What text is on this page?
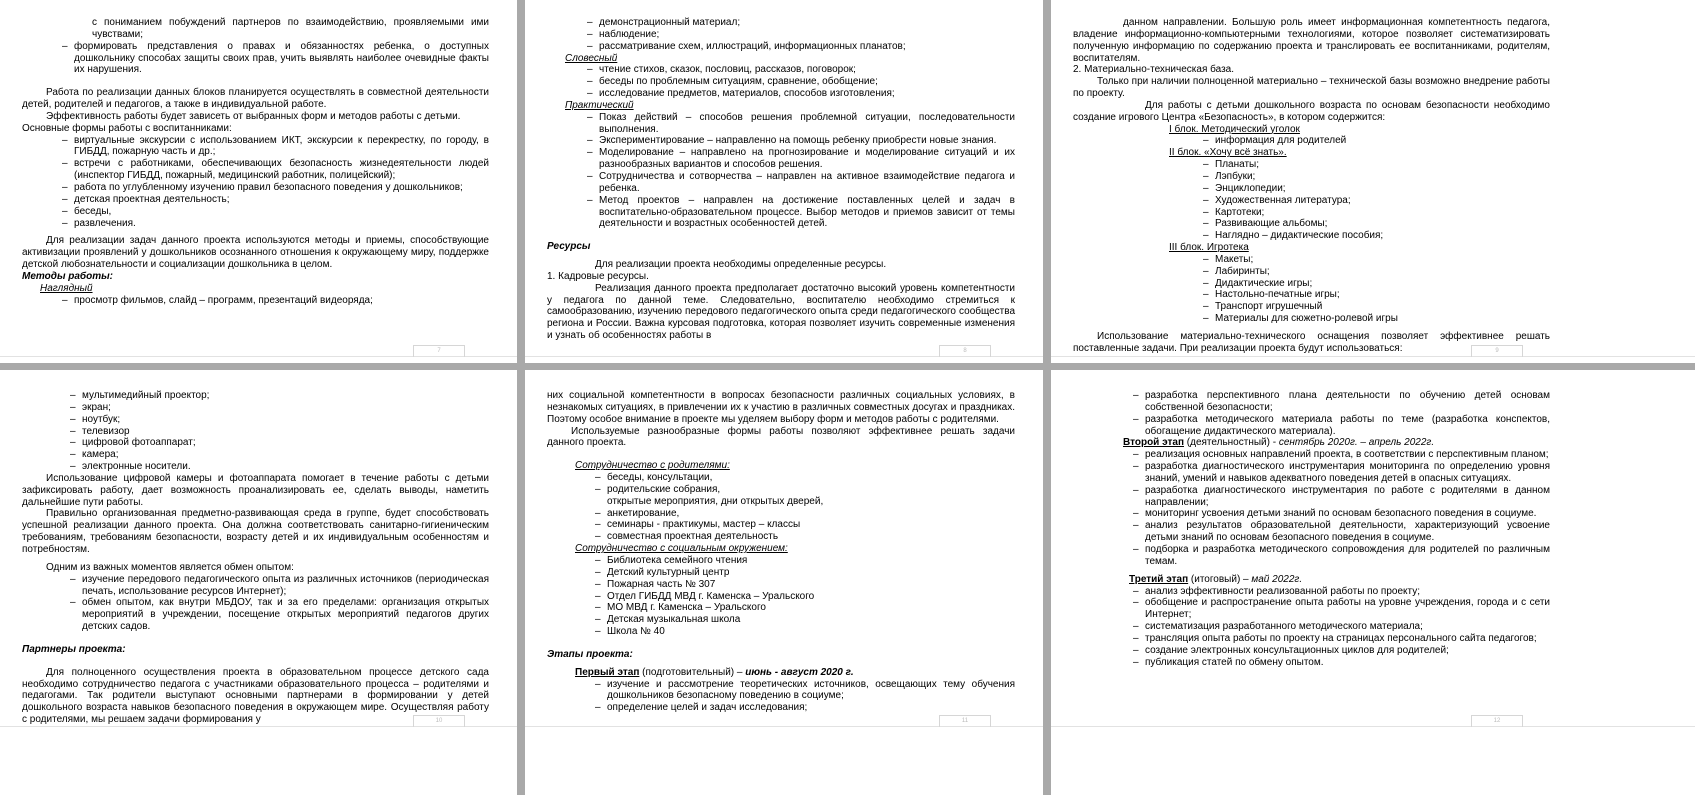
с пониманием побуждений партнеров по взаимодействию, проявляемыми ими чувствами;
– формировать представления о правах и обязанностях ребенка, о доступных дошкольнику способах защиты своих прав, учить выявлять наиболее очевидные факты их нарушения.
Работа по реализации данных блоков планируется осуществлять в совместной деятельности детей, родителей и педагогов, а также в индивидуальной работе.
Эффективность работы будет зависеть от выбранных форм и методов работы с детьми.
Основные формы работы с воспитанниками:
– виртуальные экскурсии с использованием ИКТ, экскурсии к перекрестку, по городу, в ГИБДД, пожарную часть и др.;
– встречи с работниками, обеспечивающих безопасность жизнедеятельности людей (инспектор ГИБДД, пожарный, медицинский работник, полицейский);
– работа по углубленному изучению правил безопасного поведения у дошкольников;
– детская проектная деятельность;
– беседы,
– развлечения.
Для реализации задач данного проекта используются методы и приемы, способствующие активизации проявлений у дошкольников осознанного отношения к окружающему миру, поддержке детской любознательности и социализации дошкольника в целом.
Методы работы:
Наглядный
– просмотр фильмов, слайд – программ, презентаций видеоряда;
7
– демонстрационный материал;
– наблюдение;
– рассматривание схем, иллюстраций, информационных планатов;
Словесный
– чтение стихов, сказок, пословиц, рассказов, поговорок;
– беседы по проблемным ситуациям, сравнение, обобщение;
– исследование предметов, материалов, способов изготовления;
Практический
– Показ действий – способов решения проблемной ситуации, последовательности выполнения.
– Экспериментирование – направленно на помощь ребенку приобрести новые знания.
– Моделирование – направлено на прогнозирование и моделирование ситуаций и их разнообразных вариантов и способов решения.
– Сотрудничества и сотворчества – направлен на активное взаимодействие педагога и ребенка.
– Метод проектов – направлен на достижение поставленных целей и задач в воспитательно-образовательном процессе. Выбор методов и приемов зависит от темы деятельности и возрастных особенностей детей.
Ресурсы
Для реализации проекта необходимы определенные ресурсы.
1. Кадровые ресурсы.
Реализация данного проекта предполагает достаточно высокий уровень компетентности у педагога по данной теме. Следовательно, воспитателю необходимо стремиться к самообразованию, изучению передового педагогического опыта среди педагогического сообщества региона и России. Важна курсовая подготовка, которая позволяет изучить современные изменения и узнать об особенностях работы в
8
данном направлении. Большую роль имеет информационная компетентность педагога, владение информационно-компьютерными технологиями, которое позволяет систематизировать полученную информацию по содержанию проекта и транслировать ее воспитанниками, родителям, воспитателям.
2. Материально-техническая база.
Только при наличии полноценной материально – технической базы возможно внедрение работы по проекту.
Для работы с детьми дошкольного возраста по основам безопасности необходимо создание игрового Центра «Безопасность», в котором содержится:
I блок. Методический уголок
– информация для родителей
II блок. «Хочу всё знать».
– Планаты;
– Лэпбуки;
– Энциклопедии;
– Художественная литература;
– Картотеки;
– Развивающие альбомы;
– Наглядно – дидактические пособия;
III блок. Игротека
– Макеты;
– Лабиринты;
– Дидактические игры;
– Настольно-печатные игры;
– Транспорт игрушечный
– Материалы для сюжетно-ролевой игры
Использование материально-технического оснащения позволяет эффективнее решать поставленные задачи. При реализации проекта будут использоваться:	9
– мультимедийный проектор;
– экран;
– ноутбук;
– телевизор
– цифровой фотоаппарат;
– камера;
– электронные носители.
Использование цифровой камеры и фотоаппарата помогает в течение работы с детьми зафиксировать работу, дает возможность проанализировать ее, сделать выводы, наметить дальнейшие пути работы.
Правильно организованная предметно-развивающая среда в группе, будет способствовать успешной реализации данного проекта. Она должна соответствовать санитарно-гигиеническим требованиям, требованиям безопасности, возрасту детей и их индивидуальным особенностям и потребностям.
Одним из важных моментов является обмен опытом:
– изучение передового педагогического опыта из различных источников (периодическая печать, использование ресурсов Интернет);
– обмен опытом, как внутри МБДОУ, так и за его пределами: организация открытых мероприятий в учреждении, посещение открытых мероприятий педагогов других детских садов.
Партнеры проекта:
Для полноценного осуществления проекта в образовательном процессе детского сада необходимо сотрудничество педагога с участниками образовательного процесса – родителями и педагогами. Так родители выступают основными партнерами в формировании у детей дошкольного возраста навыков безопасного поведения в окружающем мире. Осуществляя работу с родителями, мы решаем задачи формирования у	10
них социальной компетентности в вопросах безопасности различных социальных условиях, в незнакомых ситуациях, в привлечении их к участию в различных совместных досугах и праздниках. Поэтому особое внимание в проекте мы уделяем выбору форм и методов работы с родителями.
Используемые разнообразные формы работы позволяют эффективнее решать задачи данного проекта.
Сотрудничество с родителями:
– беседы, консультации,
– родительские собрания,
открытые мероприятия, дни открытых дверей,
– анкетирование,
– семинары - практикумы, мастер – классы
– совместная проектная деятельность
Сотрудничество с социальным окружением:
– Библиотека семейного чтения
– Детский культурный центр
– Пожарная часть № 307
– Отдел ГИБДД МВД г. Каменска – Уральского
– МО МВД г. Каменска – Уральского
– Детская музыкальная школа
– Школа № 40
Этапы проекта:
Первый этап (подготовительный) – июнь - август 2020 г.
– изучение и рассмотрение теоретических источников, освещающих тему обучения дошкольников безопасному поведению в социуме;
– определение целей и задач исследования;
11
– разработка перспективного плана деятельности по обучению детей основам собственной безопасности;
– разработка методического материала работы по теме (разработка конспектов, обогащение дидактического материала).
Второй этап (деятельностный) - сентябрь 2020г. – апрель 2022г.
– реализация основных направлений проекта, в соответствии с перспективным планом;
– разработка диагностического инструментария мониторинга по определению уровня знаний, умений и навыков адекватного поведения детей в опасных ситуациях.
– разработка диагностического инструментария по работе с родителями в данном направлении;
– мониторинг усвоения детьми знаний по основам безопасного поведения в социуме.
– анализ результатов образовательной деятельности, характеризующий усвоение детьми знаний по основам безопасного поведения в социуме.
– подборка и разработка методического сопровождения для родителей по различным темам.
Третий этап (итоговый) – май 2022г.
– анализ эффективности реализованной работы по проекту;
– обобщение и распространение опыта работы на уровне учреждения, города и с сети Интернет;
– систематизация разработанного методического материала;
– трансляция опыта работы по проекту на страницах персонального сайта педагогов;
– создание электронных консультационных циклов для родителей;
– публикация статей по обмену опытом.
12
